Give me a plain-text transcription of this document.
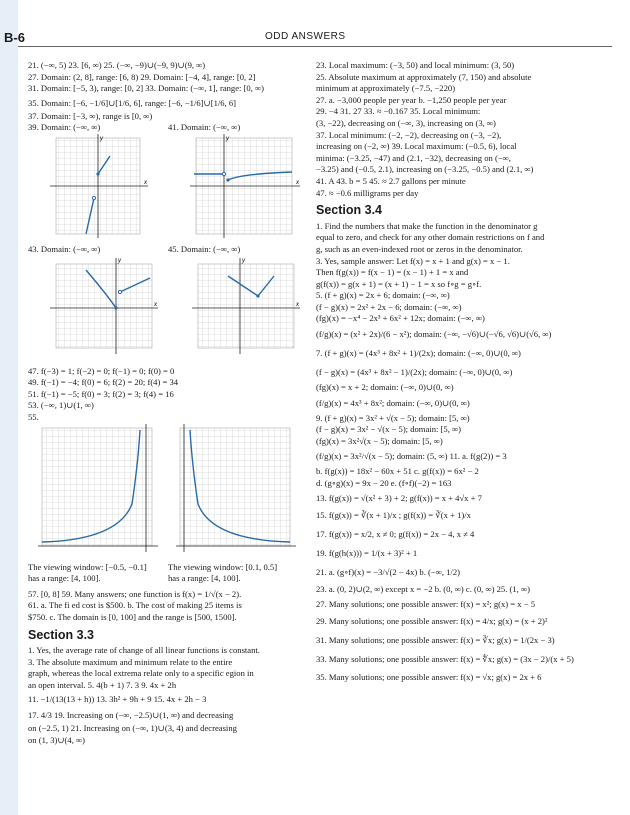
B-6	ODD ANSWERS
21. (−∞, 5) 23. [6, ∞) 25. (−∞, −9)∪(−9, 9)∪(9, ∞)
27. Domain: (2, 8], range: [6, 8) 29. Domain: [−4, 4], range: [0, 2]
31. Domain: [−5, 3), range: [0, 2] 33. Domain: (−∞, 1], range: [0, ∞)
35. Domain: [−6, −1/6]∪[1/6, 6], range: [−6, −1/6]∪[1/6, 6]
37. Domain: [−3, ∞), range is [0, ∞)
39. Domain: (−∞, ∞)	41. Domain: (−∞, ∞)
x
y
x
y
43. Domain: (−∞, ∞)	45. Domain: (−∞, ∞)
x
y
x
y
47. f(−3) = 1; f(−2) = 0; f(−1) = 0; f(0) = 0
49. f(−1) = −4; f(0) = 6; f(2) = 20; f(4) = 34
51. f(−1) = −5; f(0) = 3; f(2) = 3; f(4) = 16
53. (−∞, 1)∪(1, ∞)
55.
The viewing window: [−0.5, −0.1]	The viewing window: [0.1, 0.5]
has a range: [4, 100].	has a range: [4, 100].
57. [0, 8] 59. Many answers; one function is f(x) = 1/√(x − 2).
61. a. The fi ed cost is $500. b. The cost of making 25 items is
$750. c. The domain is [0, 100] and the range is [500, 1500].
Section 3.3
1. Yes, the average rate of change of all linear functions is constant.
3. The absolute maximum and minimum relate to the entire
graph, whereas the local extrema relate only to a specific egion in
an open interval. 5. 4(b + 1) 7. 3 9. 4x + 2h
11. −1/(13(13 + h)) 13. 3h² + 9h + 9 15. 4x + 2h − 3
17. 4/3 19. Increasing on (−∞, −2.5)∪(1, ∞) and decreasing
on (−2.5, 1) 21. Increasing on (−∞, 1)∪(3, 4) and decreasing
on (1, 3)∪(4, ∞)
23. Local maximum: (−3, 50) and local minimum: (3, 50)
25. Absolute maximum at approximately (7, 150) and absolute
minimum at approximately (−7.5, −220)
27. a. −3,000 people per year b. −1,250 people per year
29. −4 31. 27 33. ≈ −0.167 35. Local minimum:
(3, −22), decreasing on (−∞, 3), increasing on (3, ∞)
37. Local minimum: (−2, −2), decreasing on (−3, −2),
increasing on (−2, ∞) 39. Local maximum: (−0.5, 6), local
minima: (−3.25, −47) and (2.1, −32), decreasing on (−∞,
−3.25) and (−0.5, 2.1), increasing on (−3.25, −0.5) and (2.1, ∞)
41. A 43. b = 5 45. ≈ 2.7 gallons per minute
47. ≈ −0.6 milligrams per day
Section 3.4
1. Find the numbers that make the function in the denominator g
equal to zero, and check for any other domain restrictions on f and
g, such as an even-indexed root or zeros in the denominator.
3. Yes, sample answer: Let f(x) = x + 1 and g(x) = x − 1.
Then f(g(x)) = f(x − 1) = (x − 1) + 1 = x and
g(f(x)) = g(x + 1) = (x + 1) − 1 = x so f∘g = g∘f.
5. (f + g)(x) = 2x + 6; domain: (−∞, ∞)
(f − g)(x) = 2x² + 2x − 6; domain: (−∞, ∞)
(fg)(x) = −x⁴ − 2x³ + 6x² + 12x; domain: (−∞, ∞)
(f/g)(x) = (x² + 2x)/(6 − x²); domain: (−∞, −√6)∪(−√6, √6)∪(√6, ∞)
7. (f + g)(x) = (4x³ + 8x² + 1)/(2x); domain: (−∞, 0)∪(0, ∞)
(f − g)(x) = (4x³ + 8x² − 1)/(2x); domain: (−∞, 0)∪(0, ∞)
(fg)(x) = x + 2; domain: (−∞, 0)∪(0, ∞)
(f/g)(x) = 4x³ + 8x²; domain: (−∞, 0)∪(0, ∞)
9. (f + g)(x) = 3x² + √(x − 5); domain: [5, ∞)
(f − g)(x) = 3x² − √(x − 5); domain: [5, ∞)
(fg)(x) = 3x²√(x − 5); domain: [5, ∞)
(f/g)(x) = 3x²/√(x − 5); domain: (5, ∞) 11. a. f(g(2)) = 3
b. f(g(x)) = 18x² − 60x + 51 c. g(f(x)) = 6x² − 2
d. (g∘g)(x) = 9x − 20 e. (f∘f)(−2) = 163
13. f(g(x)) = √(x² + 3) + 2; g(f(x)) = x + 4√x + 7
15. f(g(x)) = ∛(x + 1)/x ; g(f(x)) = ∛(x + 1)/x
17. f(g(x)) = x/2, x ≠ 0; g(f(x)) = 2x − 4, x ≠ 4
19. f(g(h(x))) = 1/(x + 3)² + 1
21. a. (g∘f)(x) = −3/√(2 − 4x) b. (−∞, 1/2)
23. a. (0, 2)∪(2, ∞) except x = −2 b. (0, ∞) c. (0, ∞) 25. (1, ∞)
27. Many solutions; one possible answer: f(x) = x²; g(x) = x − 5
29. Many solutions; one possible answer: f(x) = 4/x; g(x) = (x + 2)²
31. Many solutions; one possible answer: f(x) = ∛x; g(x) = 1/(2x − 3)
33. Many solutions; one possible answer: f(x) = ∜x; g(x) = (3x − 2)/(x + 5)
35. Many solutions; one possible answer: f(x) = √x; g(x) = 2x + 6
